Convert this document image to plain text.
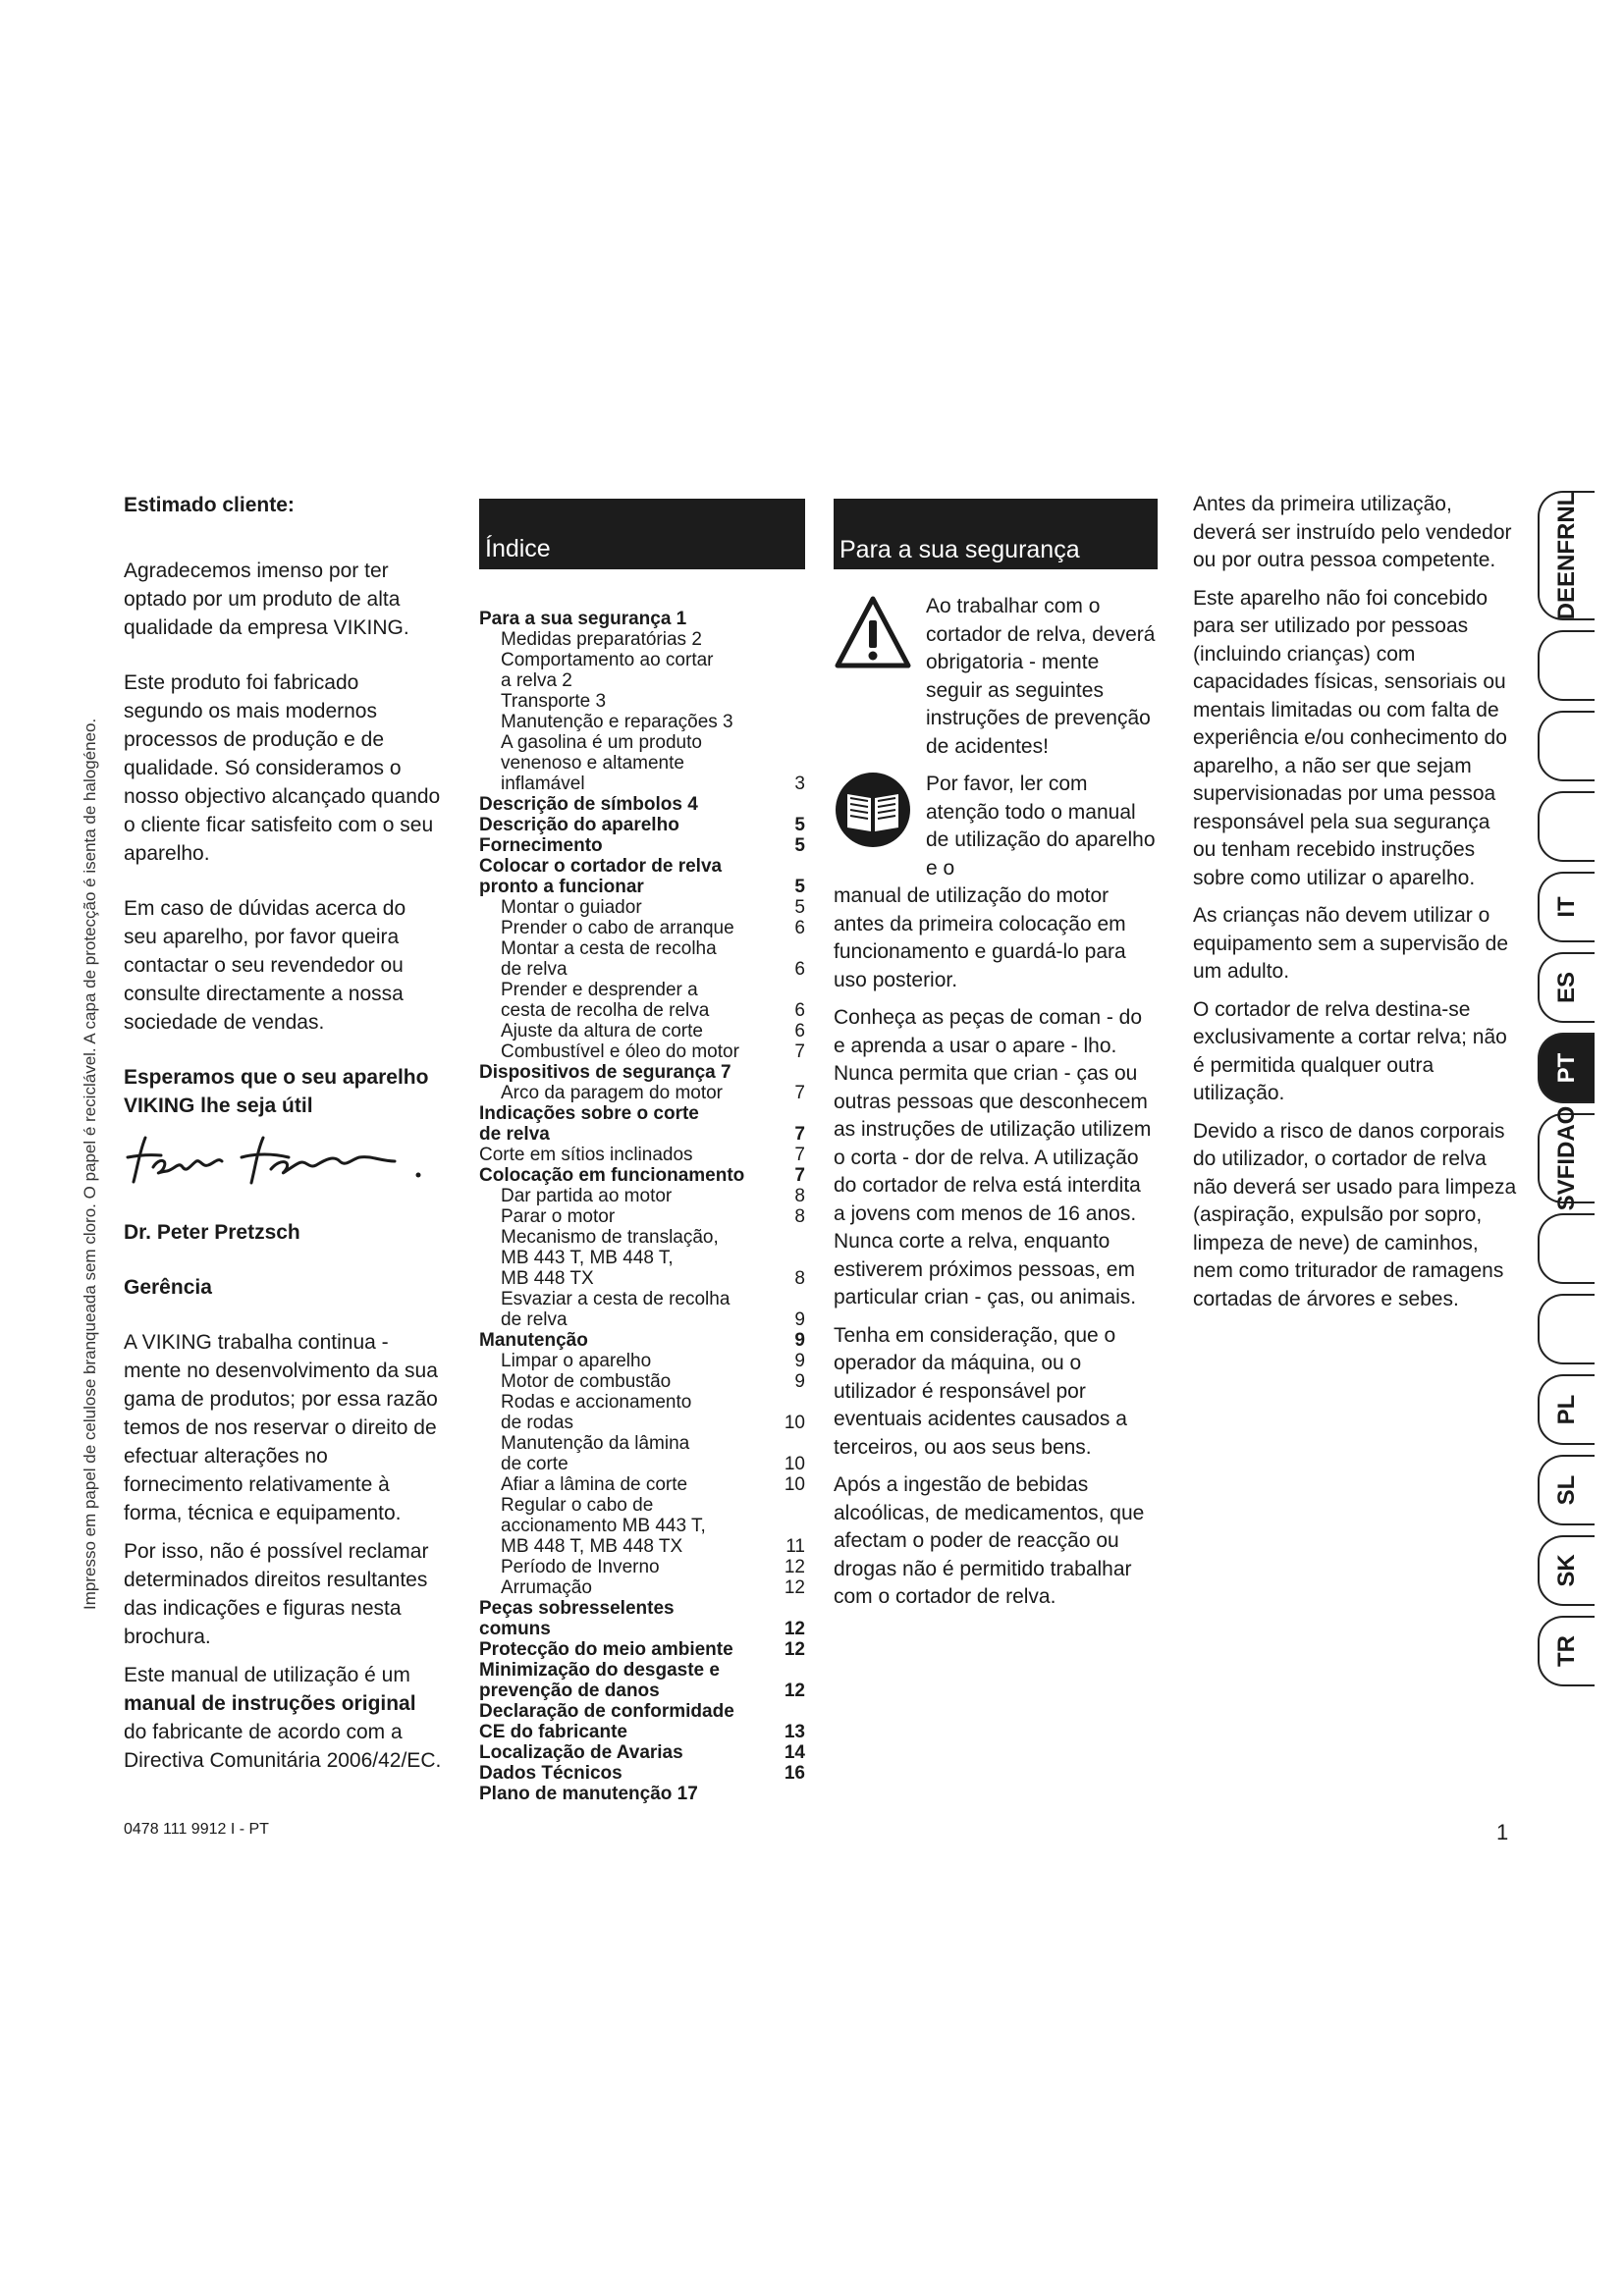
Impresso em papel de celulose branqueada sem cloro. O papel é reciclável. A capa de protecção é isenta de halogéneo.

Estimado cliente:

Agradecemos imenso por ter optado por um produto de alta qualidade da empresa VIKING.

Este produto foi fabricado segundo os mais modernos processos de produção e de qualidade. Só consideramos o nosso objectivo alcançado quando o cliente ficar satisfeito com o seu aparelho.

Em caso de dúvidas acerca do seu aparelho, por favor queira contactar o seu revendedor ou consulte directamente a nossa sociedade de vendas.

Esperamos que o seu aparelho VIKING lhe seja útil

Dr. Peter Pretzsch

Gerência

A VIKING trabalha continua - mente no desenvolvimento da sua gama de produtos; por essa razão temos de nos reservar o direito de efectuar alterações no fornecimento relativamente à forma, técnica e equipamento.

Por isso, não é possível reclamar determinados direitos resultantes das indicações e figuras nesta brochura.

Este manual de utilização é um manual de instruções original do fabricante de acordo com a Directiva Comunitária 2006/42/EC.

0478 111 9912 I - PT
Índice
Para a sua segurança 1
Medidas preparatórias 2
Comportamento ao cortar
a relva 2
Transporte 3
Manutenção e reparações 3
A gasolina é um produto
venenoso e altamente
inflamável	3
Descrição de símbolos 4
Descrição do aparelho	5
Fornecimento	5
Colocar o cortador de relva
pronto a funcionar	5
Montar o guiador	5
Prender o cabo de arranque	6
Montar a cesta de recolha
de relva	6
Prender e desprender a
cesta de recolha de relva	6
Ajuste da altura de corte	6
Combustível e óleo do motor	7
Dispositivos de segurança 7
Arco da paragem do motor	7
Indicações sobre o corte
de relva	7
Corte em sítios inclinados	7
Colocação em funcionamento	7
Dar partida ao motor	8
Parar o motor	8
Mecanismo de translação,
MB 443 T, MB 448 T,
MB 448 TX	8
Esvaziar a cesta de recolha
de relva	9
Manutenção	9
Limpar o aparelho	9
Motor de combustão	9
Rodas e accionamento
de rodas	10
Manutenção da lâmina
de corte	10
Afiar a lâmina de corte	10
Regular o cabo de
accionamento MB 443 T,
MB 448 T, MB 448 TX	11
Período de Inverno	12
Arrumação	12
Peças sobresselentes
comuns	12
Protecção do meio ambiente	12
Minimização do desgaste e
prevenção de danos	12
Declaração de conformidade
CE do fabricante	13
Localização de Avarias	14
Dados Técnicos	16
Plano de manutenção 17
Para a sua segurança

Ao trabalhar com o cortador de relva, deverá obrigatoria - mente seguir as seguintes instruções de prevenção de acidentes!

Por favor, ler com atenção todo o manual de utilização do aparelho e o

manual de utilização do motor antes da primeira colocação em funcionamento e guardá-lo para uso posterior.

Conheça as peças de coman - do e aprenda a usar o apare - lho. Nunca permita que crian - ças ou outras pessoas que desconhecem as instruções de utilização utilizem o corta - dor de relva. A utilização do cortador de relva está interdita a jovens com menos de 16 anos. Nunca corte a relva, enquanto estiverem próximos pessoas, em particular crian - ças, ou animais.

Tenha em consideração, que o operador da máquina, ou o utilizador é responsável por eventuais acidentes causados a terceiros, ou aos seus bens.

Após a ingestão de bebidas alcoólicas, de medicamentos, que afectam o poder de reacção ou drogas não é permitido trabalhar com o cortador de relva.

Antes da primeira utilização, deverá ser instruído pelo vendedor ou por outra pessoa competente.

Este aparelho não foi concebido para ser utilizado por pessoas (incluindo crianças) com capacidades físicas, sensoriais ou mentais limitadas ou com falta de experiência e/ou conhecimento do aparelho, a não ser que sejam supervisionadas por uma pessoa responsável pela sua segurança ou tenham recebido instruções sobre como utilizar o aparelho.

As crianças não devem utilizar o equipamento sem a supervisão de um adulto.

O cortador de relva destina-se exclusivamente a cortar relva; não é permitida qualquer outra utilização.

Devido a risco de danos corporais do utilizador, o cortador de relva não deverá ser usado para limpeza (aspiração, expulsão por sopro, limpeza de neve) de caminhos, nem como triturador de ramagens cortadas de árvores e sebes.

DEENFRNL
IT
ES
PT
SVFIDAO
PL
SL
SK
TR
1
